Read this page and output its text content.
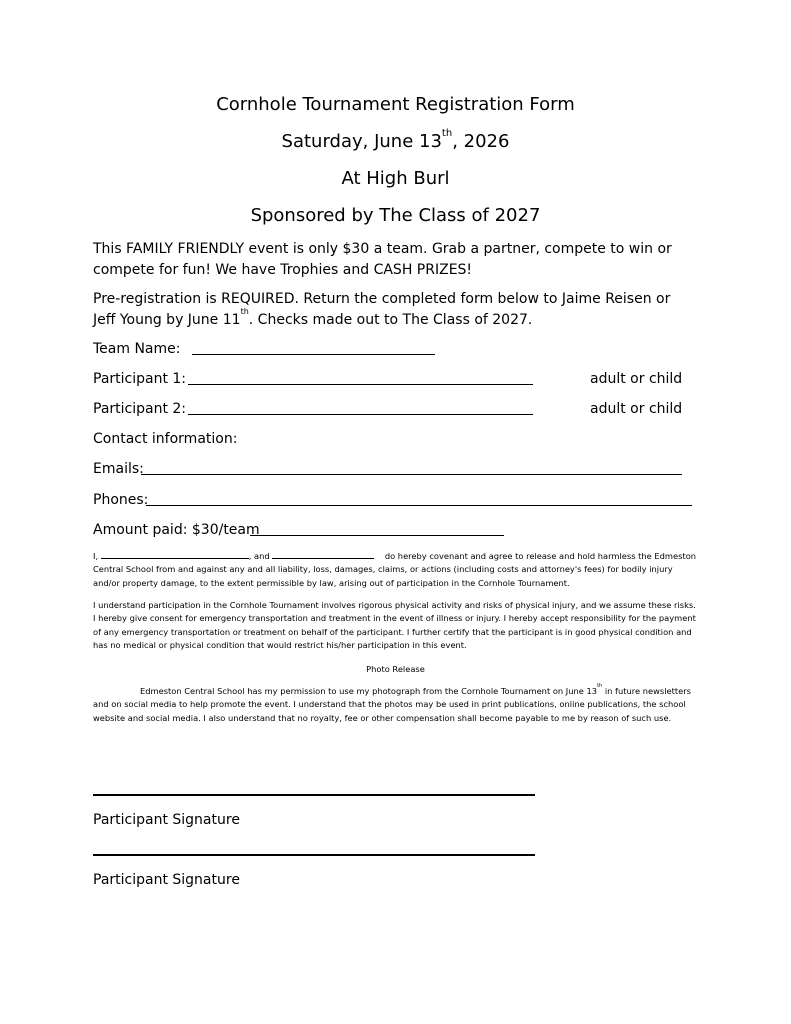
Cornhole Tournament Registration Form
Saturday, June 13th, 2026
At High Burl
Sponsored by The Class of 2027
This FAMILY FRIENDLY event is only $30 a team. Grab a partner, compete to win or compete for fun! We have Trophies and CASH PRIZES!
Pre-registration is REQUIRED. Return the completed form below to Jaime Reisen or Jeff Young by June 11th. Checks made out to The Class of 2027.
Team Name:
Participant 1:	adult or child
Participant 2:	adult or child
Contact information:
Emails:
Phones:
Amount paid: $30/team
I,	, and	do hereby covenant and agree to release and hold harmless the Edmeston Central School from and against any and all liability, loss, damages, claims, or actions (including costs and attorney's fees) for bodily injury and/or property damage, to the extent permissible by law, arising out of participation in the Cornhole Tournament.
I understand participation in the Cornhole Tournament involves rigorous physical activity and risks of physical injury, and we assume these risks. I hereby give consent for emergency transportation and treatment in the event of illness or injury. I hereby accept responsibility for the payment of any emergency transportation or treatment on behalf of the participant. I further certify that the participant is in good physical condition and has no medical or physical condition that would restrict his/her participation in this event.
Photo Release
Edmeston Central School has my permission to use my photograph from the Cornhole Tournament on June 13th in future newsletters and on social media to help promote the event. I understand that the photos may be used in print publications, online publications, the school website and social media. I also understand that no royalty, fee or other compensation shall become payable to me by reason of such use.
Participant Signature
Participant Signature
